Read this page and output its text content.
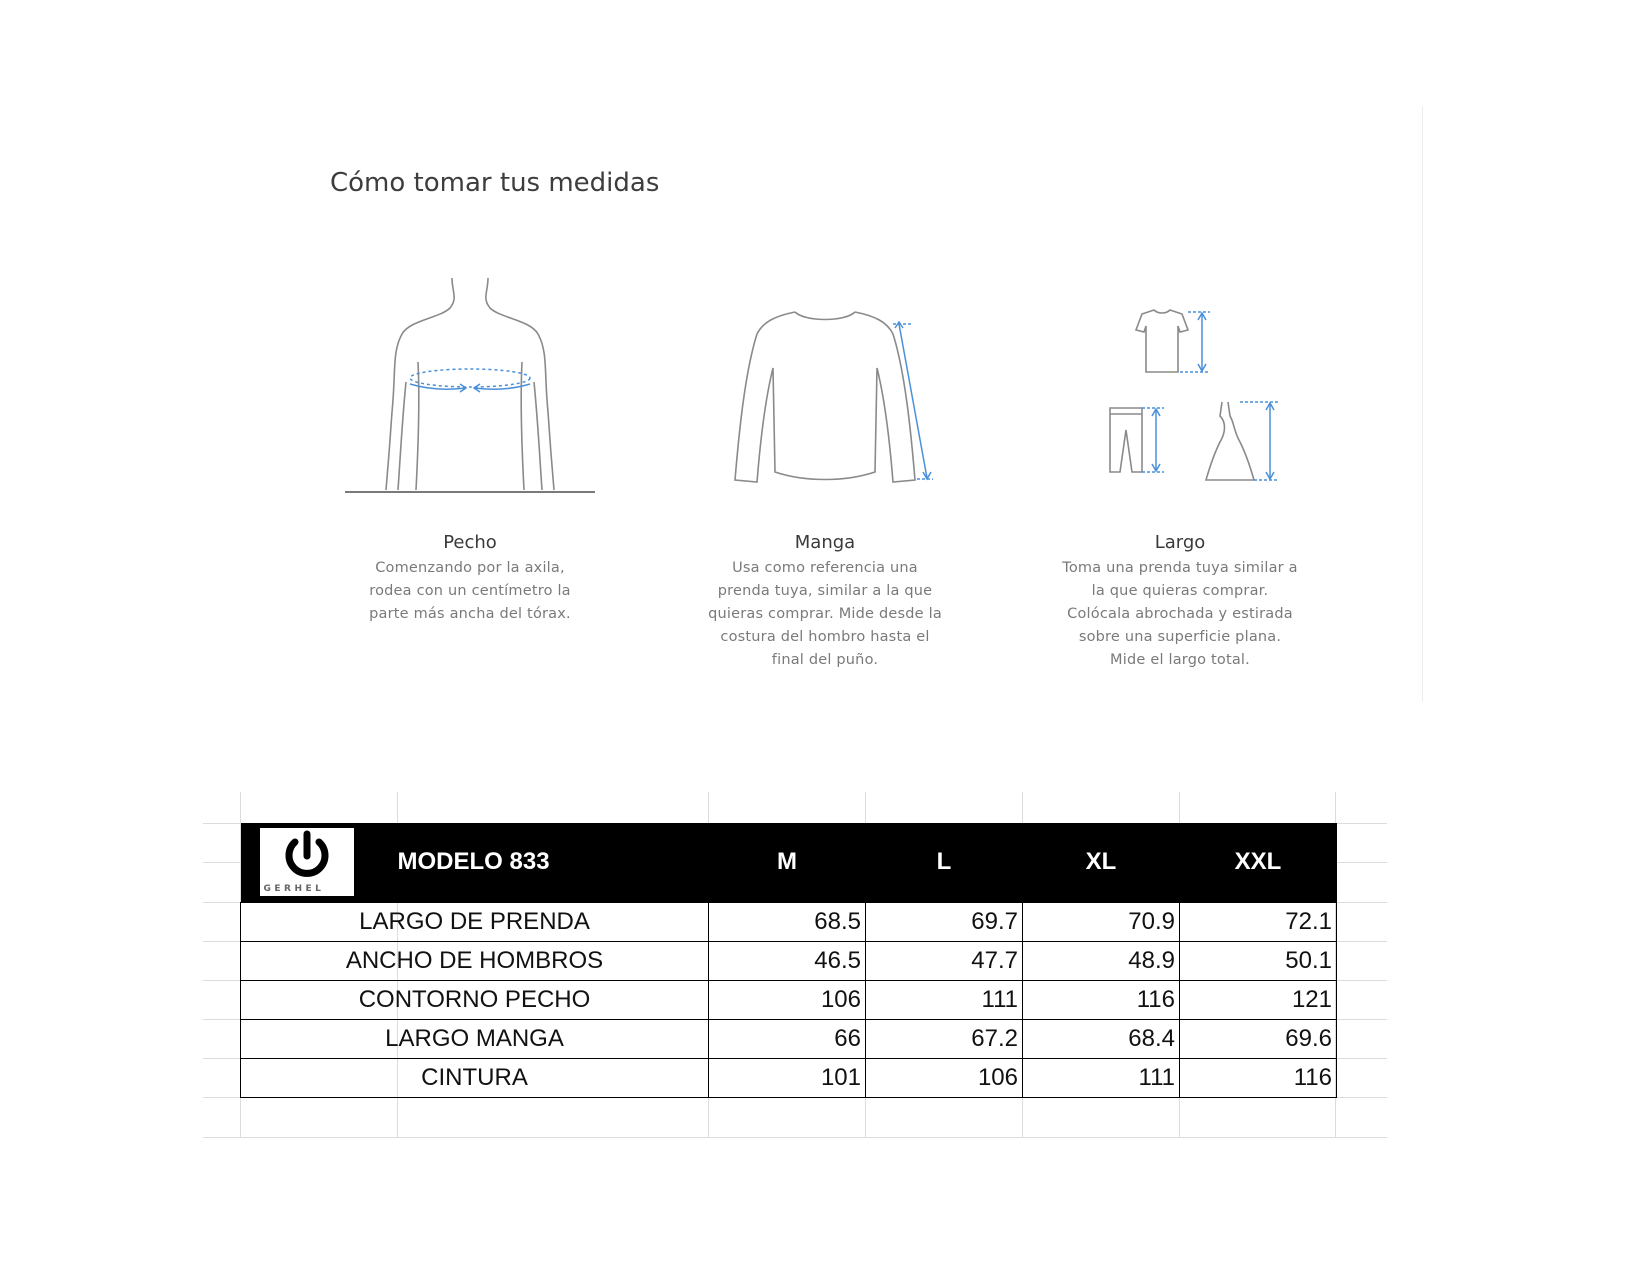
Cómo tomar tus medidas
Pecho
Comenzando por la axila,
rodea con un centímetro la
parte más ancha del tórax.
Manga
Usa como referencia una
prenda tuya, similar a la que
quieras comprar. Mide desde la
costura del hombro hasta el
final del puño.
Largo
Toma una prenda tuya similar a
la que quieras comprar.
Colócala abrochada y estirada
sobre una superficie plana.
Mide el largo total.
GERHEL	MODELO 833	M	L	XL	XXL
LARGO DE PRENDA		68.5	69.7	70.9	72.1
ANCHO DE HOMBROS		46.5	47.7	48.9	50.1
CONTORNO PECHO		106	111	116	121
LARGO MANGA		66	67.2	68.4	69.6
CINTURA		101	106	111	116
